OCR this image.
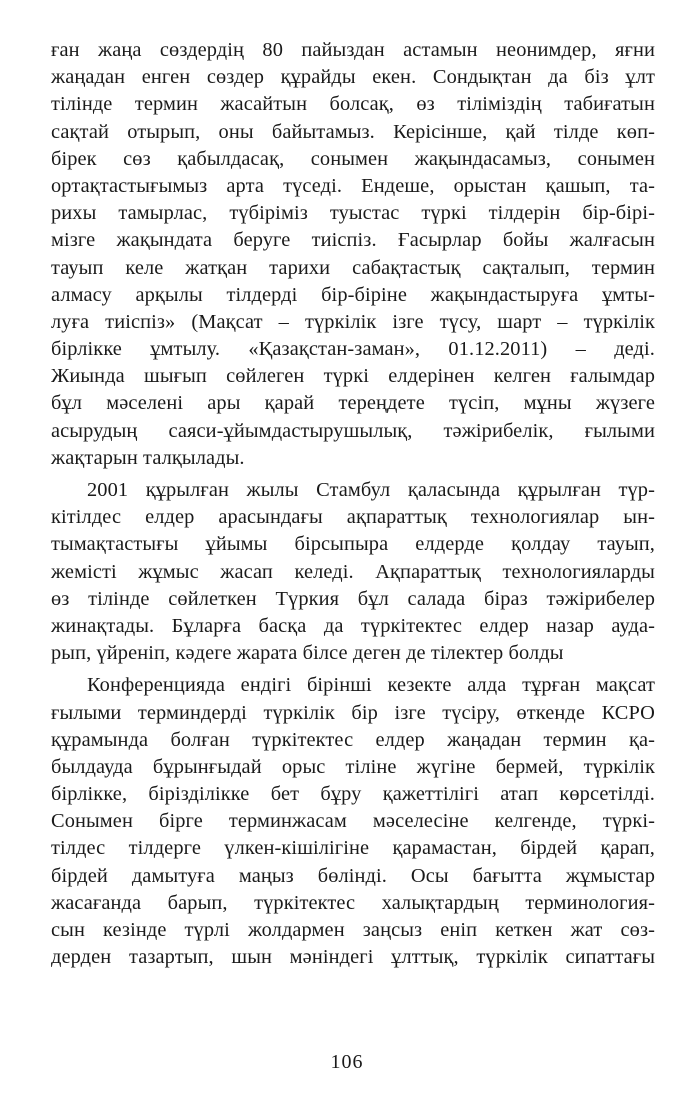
ған жаңа сөздердің 80 пайыздан астамын неонимдер, яғни
жаңадан енген сөздер құрайды екен. Сондықтан да біз ұлт
тілінде термин жасайтын болсақ, өз тіліміздің табиғатын
сақтай отырып, оны байытамыз. Керісінше, қай тілде көп-
бірек сөз қабылдасақ, сонымен жақындасамыз, сонымен
ортақтастығымыз арта түседі. Ендеше, орыстан қашып, та-
рихы тамырлас, түбіріміз туыстас түркі тілдерін бір-бірі-
мізге жақындата беруге тиіспіз. Ғасырлар бойы жалғасын
тауып келе жатқан тарихи сабақтастық сақталып, термин
алмасу арқылы тілдерді бір-біріне жақындастыруға ұмты-
луға тиіспіз» (Мақсат – түркілік ізге түсу, шарт – түркілік
бірлікке ұмтылу. «Қазақстан-заман», 01.12.2011) – деді.
Жиында шығып сөйлеген түркі елдерінен келген ғалымдар
бұл мәселені ары қарай тереңдете түсіп, мұны жүзеге
асырудың саяси-ұйымдастырушылық, тәжірибелік, ғылыми
жақтарын талқылады.
2001 құрылған жылы Стамбул қаласында құрылған түр-
кітілдес елдер арасындағы ақпараттық технологиялар ын-
тымақтастығы ұйымы бірсыпыра елдерде қолдау тауып,
жемісті жұмыс жасап келеді. Ақпараттық технологияларды
өз тілінде сөйлеткен Түркия бұл салада біраз тәжірибелер
жинақтады. Бұларға басқа да түркітектес елдер назар аудa-
рып, үйреніп, кәдеге жарата білсе деген де тілектер болды
Конференцияда ендігі бірінші кезекте алда тұрған мақсат
ғылыми терминдерді түркілік бір ізге түсіру, өткенде КСРО
құрамында болған түркітектес елдер жаңадан термин қа-
былдауда бұрынғыдай орыс тіліне жүгіне бермей, түркілік
бірлікке, бірізділікке бет бұру қажеттілігі атап көрсетілді.
Сонымен бірге терминжасам мәселесіне келгенде, түркі-
тілдес тілдерге үлкен-кішілігіне қарамастан, бірдей қарап,
бірдей дамытуға маңыз бөлінді. Осы бағытта жұмыстар
жасағанда барып, түркітектес халықтардың терминология-
сын кезінде түрлі жолдармен заңсыз еніп кеткен жат сөз-
дерден тазартып, шын мәніндегі ұлттық, түркілік сипаттағы
106
